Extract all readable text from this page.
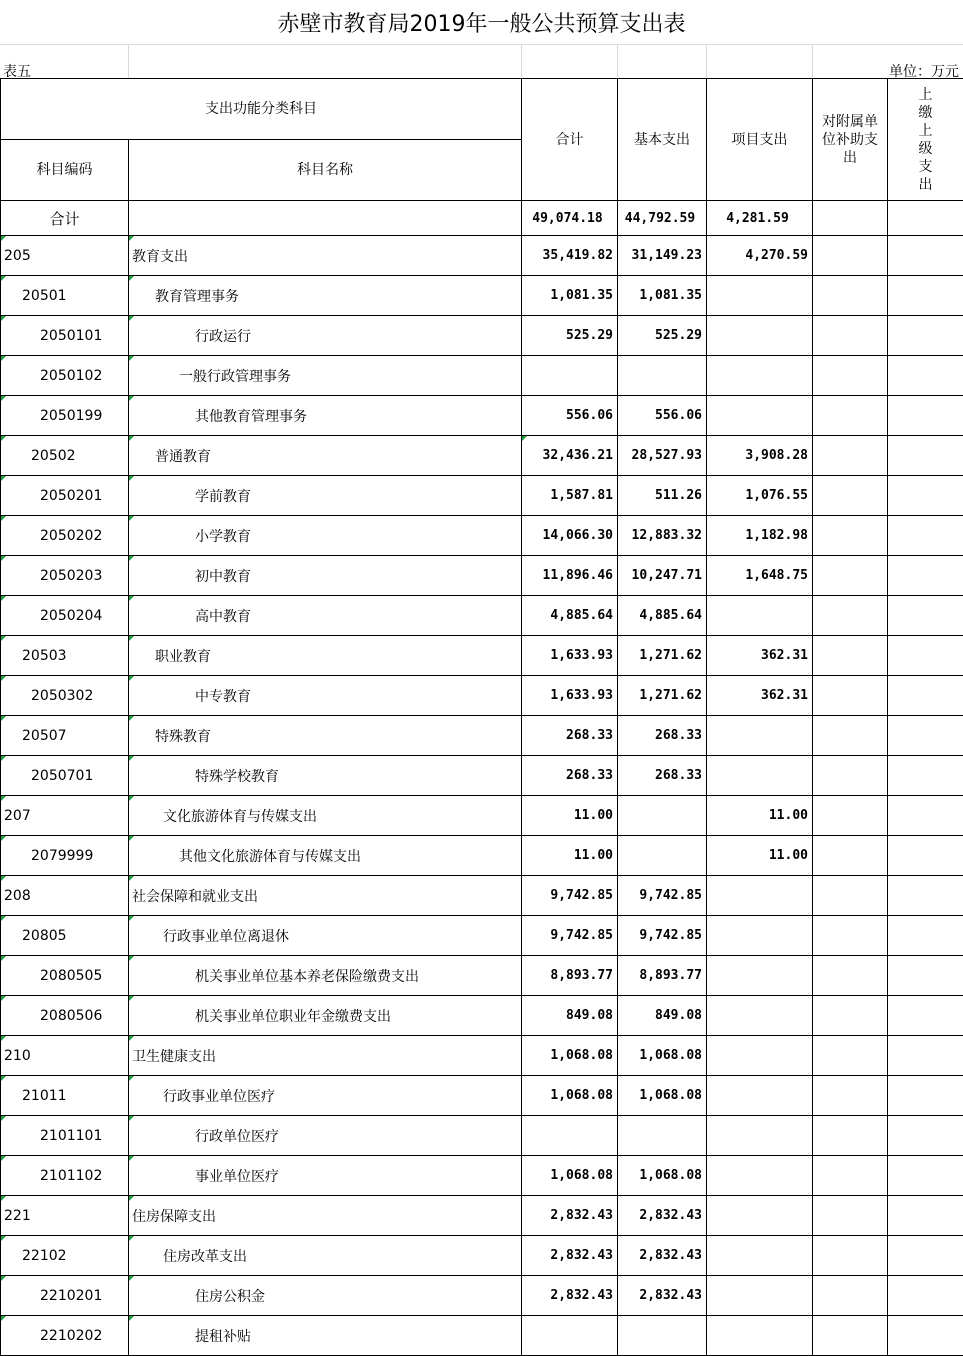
赤壁市教育局2019年一般公共预算支出表
表五	单位：万元
支出功能分类科目		合计	基本支出	项目支出	对附属单位补助支出	上缴上级支出
科目编码	科目名称					
合计		49,074.18	44,792.59	4,281.59		
205	教育支出	35,419.82	31,149.23	4,270.59		
20501	教育管理事务	1,081.35	1,081.35			
2050101	行政运行	525.29	525.29			
2050102	一般行政管理事务					
2050199	其他教育管理事务	556.06	556.06			
20502	普通教育	32,436.21	28,527.93	3,908.28		
2050201	学前教育	1,587.81	511.26	1,076.55		
2050202	小学教育	14,066.30	12,883.32	1,182.98		
2050203	初中教育	11,896.46	10,247.71	1,648.75		
2050204	高中教育	4,885.64	4,885.64			
20503	职业教育	1,633.93	1,271.62	362.31		
2050302	中专教育	1,633.93	1,271.62	362.31		
20507	特殊教育	268.33	268.33			
2050701	特殊学校教育	268.33	268.33			
207	文化旅游体育与传媒支出	11.00		11.00		
2079999	其他文化旅游体育与传媒支出	11.00		11.00		
208	社会保障和就业支出	9,742.85	9,742.85			
20805	行政事业单位离退休	9,742.85	9,742.85			
2080505	机关事业单位基本养老保险缴费支出	8,893.77	8,893.77			
2080506	机关事业单位职业年金缴费支出	849.08	849.08			
210	卫生健康支出	1,068.08	1,068.08			
21011	行政事业单位医疗	1,068.08	1,068.08			
2101101	行政单位医疗					
2101102	事业单位医疗	1,068.08	1,068.08			
221	住房保障支出	2,832.43	2,832.43			
22102	住房改革支出	2,832.43	2,832.43			
2210201	住房公积金	2,832.43	2,832.43			
2210202	提租补贴					
